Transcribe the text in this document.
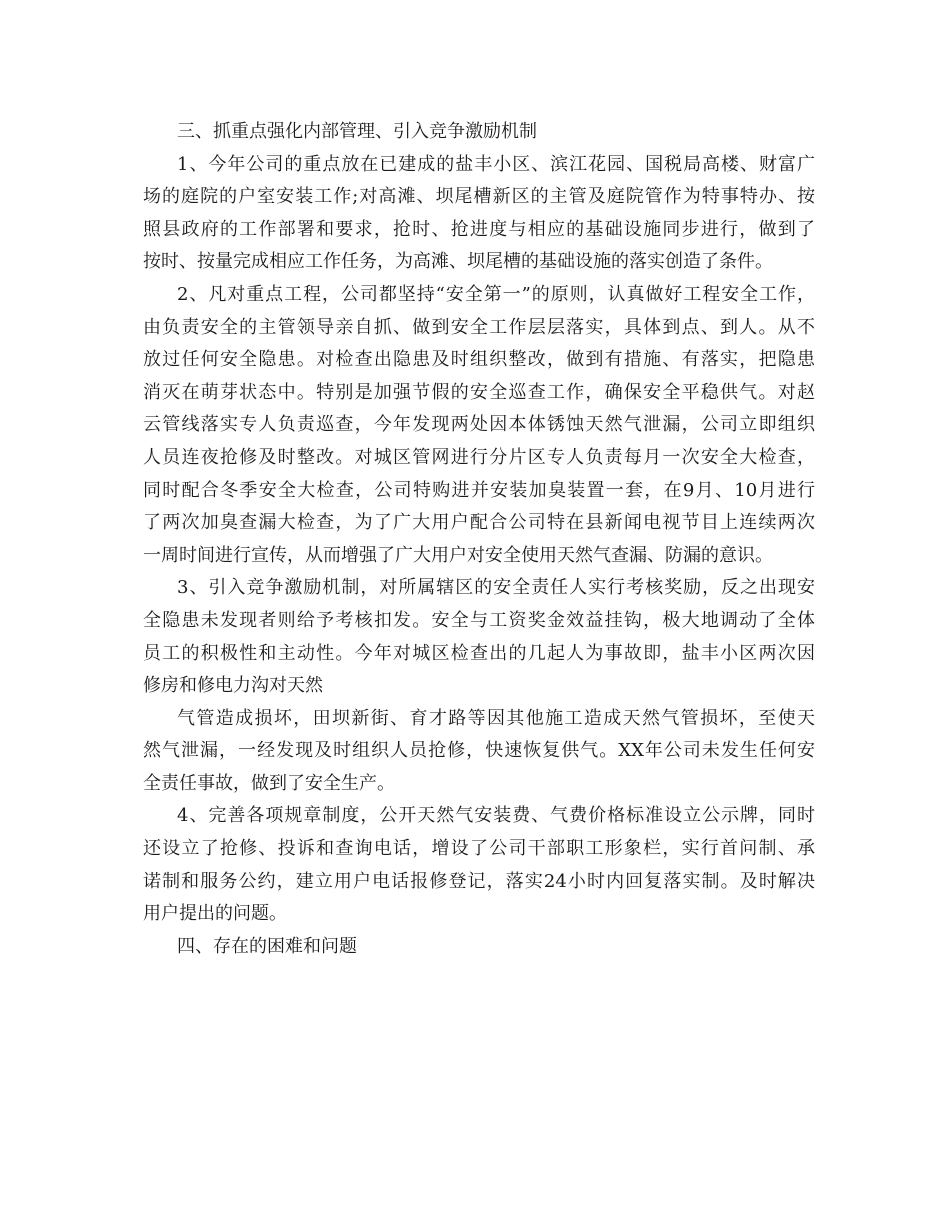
三、抓重点强化内部管理、引入竞争激励机制

1、今年公司的重点放在已建成的盐丰小区、滨江花园、国税局高楼、财富广
场的庭院的户室安装工作;对高滩、坝尾槽新区的主管及庭院管作为特事特办、按
照县政府的工作部署和要求，抢时、抢进度与相应的基础设施同步进行，做到了
按时、按量完成相应工作任务，为高滩、坝尾槽的基础设施的落实创造了条件。

2、凡对重点工程，公司都坚持“安全第一”的原则，认真做好工程安全工作，
由负责安全的主管领导亲自抓、做到安全工作层层落实，具体到点、到人。从不
放过任何安全隐患。对检查出隐患及时组织整改，做到有措施、有落实，把隐患
消灭在萌芽状态中。特别是加强节假的安全巡查工作，确保安全平稳供气。对赵
云管线落实专人负责巡查，今年发现两处因本体锈蚀天然气泄漏，公司立即组织
人员连夜抢修及时整改。对城区管网进行分片区专人负责每月一次安全大检查，
同时配合冬季安全大检查，公司特购进并安装加臭装置一套，在9月、10月进行
了两次加臭查漏大检查，为了广大用户配合公司特在县新闻电视节目上连续两次
一周时间进行宣传，从而增强了广大用户对安全使用天然气查漏、防漏的意识。

3、引入竞争激励机制，对所属辖区的安全责任人实行考核奖励，反之出现安
全隐患未发现者则给予考核扣发。安全与工资奖金效益挂钩，极大地调动了全体
员工的积极性和主动性。今年对城区检查出的几起人为事故即，盐丰小区两次因
修房和修电力沟对天然

气管造成损坏，田坝新街、育才路等因其他施工造成天然气管损坏，至使天
然气泄漏，一经发现及时组织人员抢修，快速恢复供气。XX年公司未发生任何安
全责任事故，做到了安全生产。

4、完善各项规章制度，公开天然气安装费、气费价格标准设立公示牌，同时
还设立了抢修、投诉和查询电话，增设了公司干部职工形象栏，实行首问制、承
诺制和服务公约，建立用户电话报修登记，落实24小时内回复落实制。及时解决
用户提出的问题。

四、存在的困难和问题
